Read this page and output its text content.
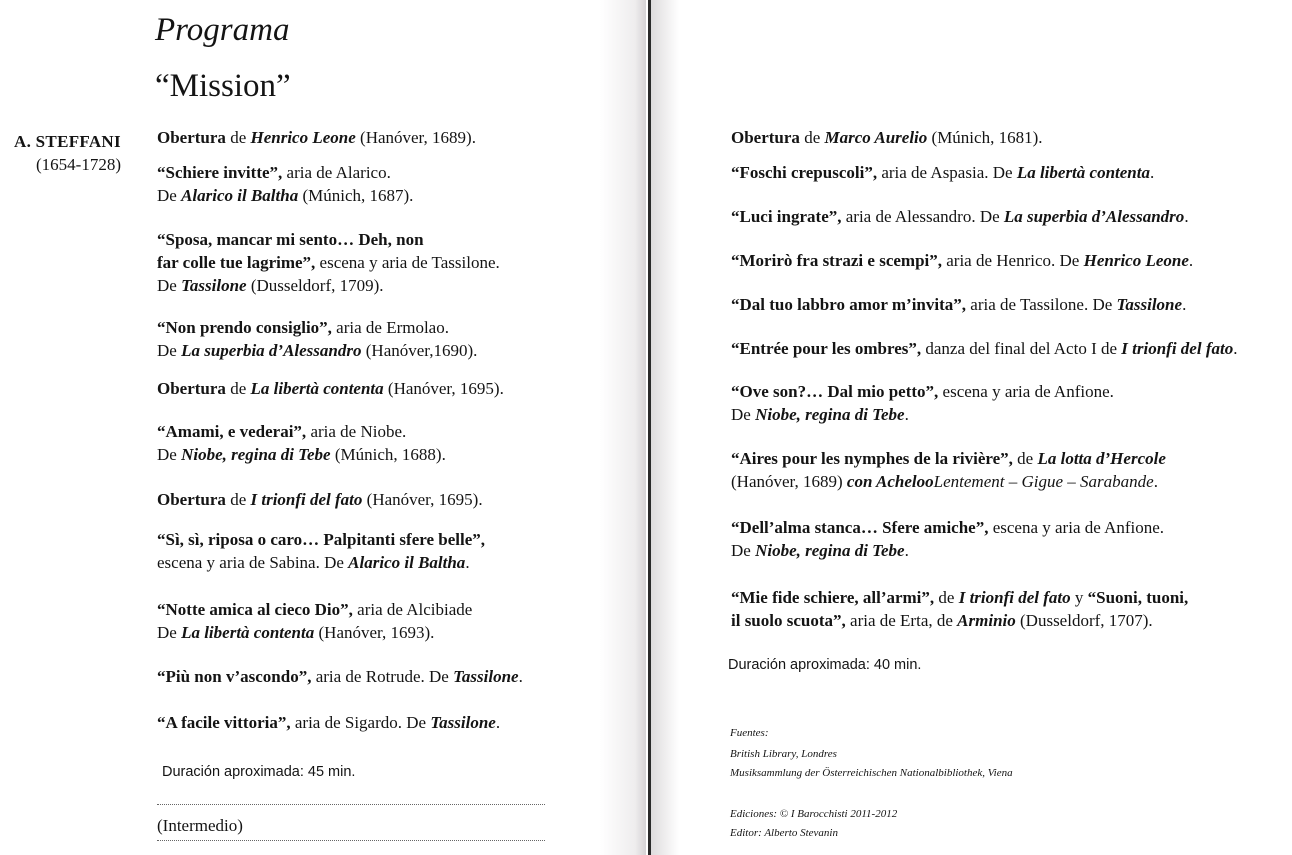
Programa
“Mission”
A. STEFFANI
(1654-1728)
Obertura de Henrico Leone (Hanóver, 1689).
“Schiere invitte”, aria de Alarico.
De Alarico il Baltha (Múnich, 1687).
“Sposa, mancar mi sento… Deh, non
far colle tue lagrime”, escena y aria de Tassilone.
De Tassilone (Dusseldorf, 1709).
“Non prendo consiglio”, aria de Ermolao.
De La superbia d’Alessandro (Hanóver,1690).
Obertura de La libertà contenta (Hanóver, 1695).
“Amami, e vederai”, aria de Niobe.
De Niobe, regina di Tebe (Múnich, 1688).
Obertura de I trionfi del fato (Hanóver, 1695).
“Sì, sì, riposa o caro… Palpitanti sfere belle”,
escena y aria de Sabina. De Alarico il Baltha.
“Notte amica al cieco Dio”, aria de Alcibiade
De La libertà contenta (Hanóver, 1693).
“Più non v’ascondo”, aria de Rotrude. De Tassilone.
“A facile vittoria”, aria de Sigardo. De Tassilone.
Duración aproximada: 45 min.
(Intermedio)
Obertura de Marco Aurelio (Múnich, 1681).
“Foschi crepuscoli”, aria de Aspasia. De La libertà contenta.
“Luci ingrate”, aria de Alessandro. De La superbia d’Alessandro.
“Morirò fra strazi e scempi”, aria de Henrico. De Henrico Leone.
“Dal tuo labbro amor m’invita”, aria de Tassilone. De Tassilone.
“Entrée pour les ombres”, danza del final del Acto I de I trionfi del fato.
“Ove son?… Dal mio petto”, escena y aria de Anfione.
De Niobe, regina di Tebe.
“Aires pour les nymphes de la rivière”, de La lotta d’Hercole
(Hanóver, 1689) con AchelooLentement – Gigue – Sarabande.
“Dell’alma stanca… Sfere amiche”, escena y aria de Anfione.
De Niobe, regina di Tebe.
“Mie fide schiere, all’armi”, de I trionfi del fato y “Suoni, tuoni,
il suolo scuota”, aria de Erta, de Arminio (Dusseldorf, 1707).
Duración aproximada: 40 min.
Fuentes:
British Library, Londres
Musiksammlung der Österreichischen Nationalbibliothek, Viena
Ediciones: © I Barocchisti 2011-2012
Editor: Alberto Stevanin
